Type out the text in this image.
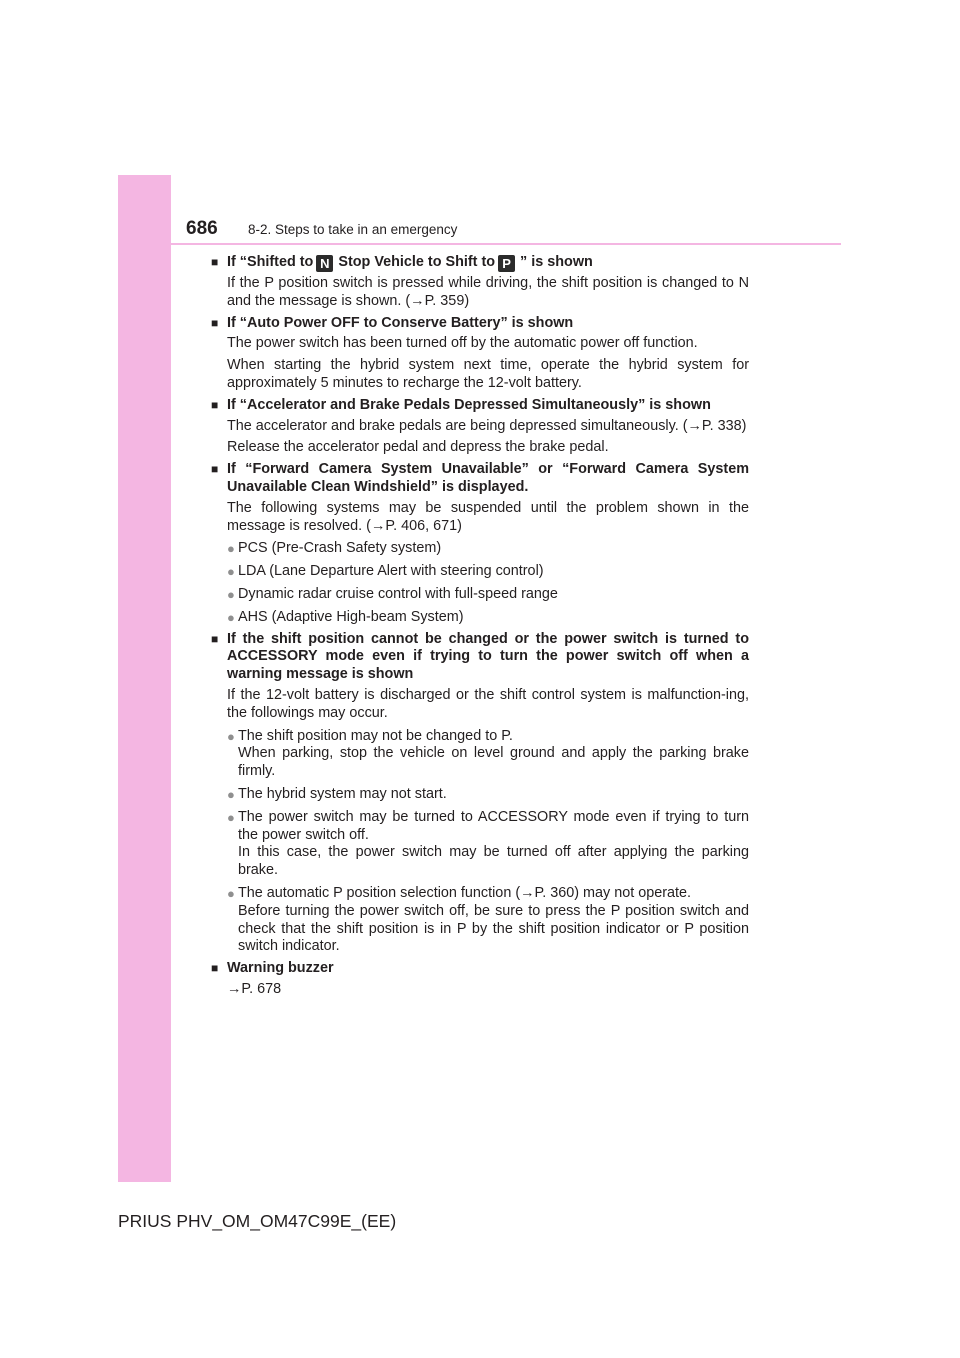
686 8-2. Steps to take in an emergency
■ If “Shifted to N Stop Vehicle to Shift to P ” is shown
If the P position switch is pressed while driving, the shift position is changed to N and the message is shown. (→P. 359)
■ If “Auto Power OFF to Conserve Battery” is shown
The power switch has been turned off by the automatic power off function.
When starting the hybrid system next time, operate the hybrid system for approximately 5 minutes to recharge the 12-volt battery.
■ If “Accelerator and Brake Pedals Depressed Simultaneously” is shown
The accelerator and brake pedals are being depressed simultaneously. (→P. 338)
Release the accelerator pedal and depress the brake pedal.
■ If “Forward Camera System Unavailable” or “Forward Camera System Unavailable Clean Windshield” is displayed.
The following systems may be suspended until the problem shown in the message is resolved. (→P. 406, 671)
● PCS (Pre-Crash Safety system)
● LDA (Lane Departure Alert with steering control)
● Dynamic radar cruise control with full-speed range
● AHS (Adaptive High-beam System)
■ If the shift position cannot be changed or the power switch is turned to ACCESSORY mode even if trying to turn the power switch off when a warning message is shown
If the 12-volt battery is discharged or the shift control system is malfunction-ing, the followings may occur.
● The shift position may not be changed to P.
When parking, stop the vehicle on level ground and apply the parking brake firmly.
● The hybrid system may not start.
● The power switch may be turned to ACCESSORY mode even if trying to turn the power switch off.
In this case, the power switch may be turned off after applying the parking brake.
● The automatic P position selection function (→P. 360) may not operate.
Before turning the power switch off, be sure to press the P position switch and check that the shift position is in P by the shift position indicator or P position switch indicator.
■ Warning buzzer
→P. 678
PRIUS PHV_OM_OM47C99E_(EE)
